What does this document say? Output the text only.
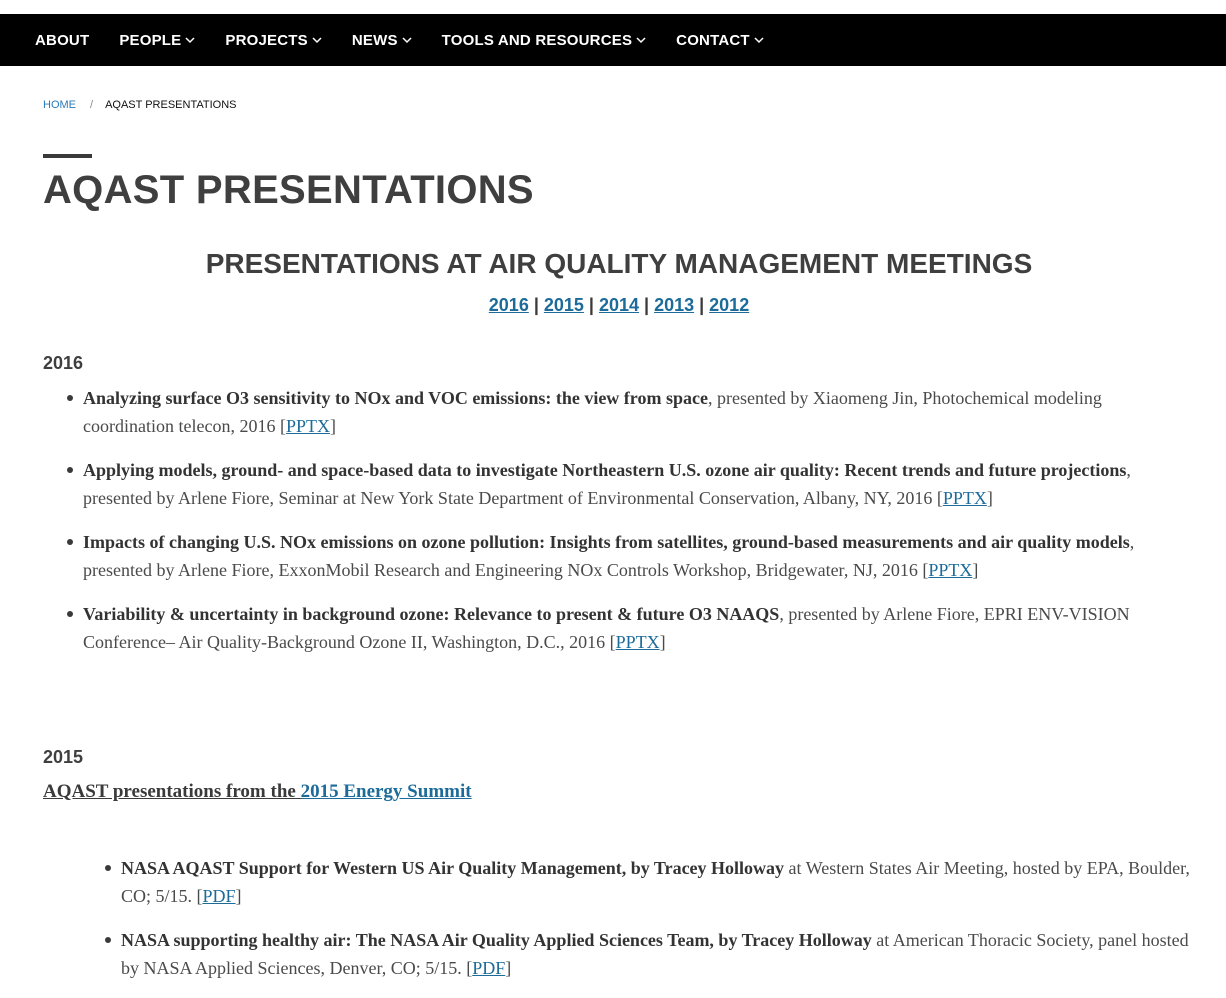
ABOUT PEOPLE	PROJECTS	NEWS	TOOLS AND RESOURCES	CONTACT
HOME / AQAST PRESENTATIONS
AQAST PRESENTATIONS
PRESENTATIONS AT AIR QUALITY MANAGEMENT MEETINGS
2016 | 2015 | 2014 | 2013 | 2012
2016
Analyzing surface O3 sensitivity to NOx and VOC emissions: the view from space, presented by Xiaomeng Jin, Photochemical modeling coordination telecon, 2016 [PPTX]
Applying models, ground- and space-based data to investigate Northeastern U.S. ozone air quality: Recent trends and future projections, presented by Arlene Fiore, Seminar at New York State Department of Environmental Conservation, Albany, NY, 2016 [PPTX]
Impacts of changing U.S. NOx emissions on ozone pollution: Insights from satellites, ground-based measurements and air quality models, presented by Arlene Fiore, ExxonMobil Research and Engineering NOx Controls Workshop, Bridgewater, NJ, 2016 [PPTX]
Variability & uncertainty in background ozone: Relevance to present & future O3 NAAQS, presented by Arlene Fiore, EPRI ENV-VISION Conference– Air Quality-Background Ozone II, Washington, D.C., 2016 [PPTX]
2015
AQAST presentations from the 2015 Energy Summit
NASA AQAST Support for Western US Air Quality Management, by Tracey Holloway at Western States Air Meeting, hosted by EPA, Boulder, CO; 5/15. [PDF]
NASA supporting healthy air: The NASA Air Quality Applied Sciences Team, by Tracey Holloway at American Thoracic Society, panel hosted by NASA Applied Sciences, Denver, CO; 5/15. [PDF]
